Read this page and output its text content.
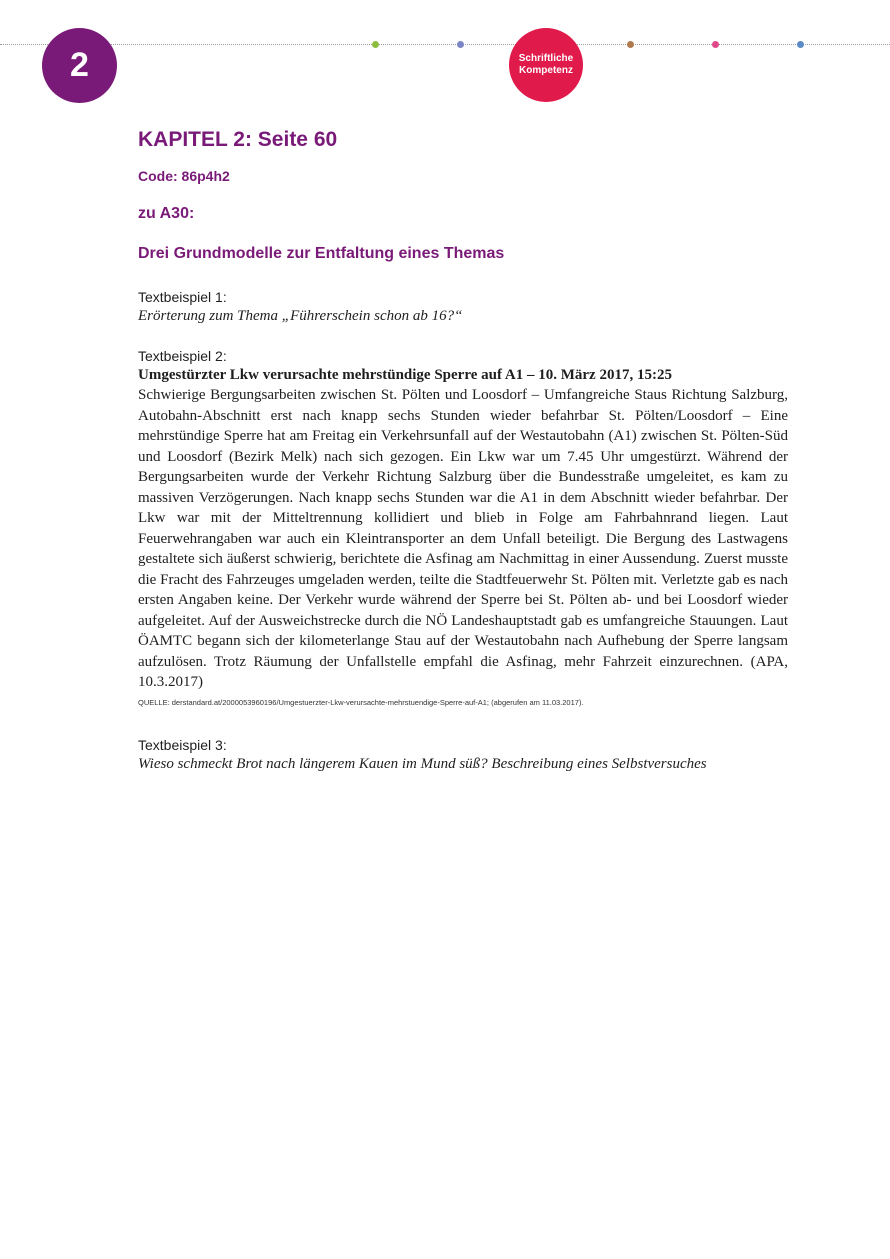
2	Schriftliche
Kompetenz
KAPITEL 2: Seite 60
Code: 86p4h2
zu A30:
Drei Grundmodelle zur Entfaltung eines Themas
Textbeispiel 1:
Erörterung zum Thema „Führerschein schon ab 16?“
Textbeispiel 2:
Umgestürzter Lkw verursachte mehrstündige Sperre auf A1 – 10. März 2017, 15:25
Schwierige Bergungsarbeiten zwischen St. Pölten und Loosdorf – Umfangreiche Staus Richtung Salzburg, Autobahn-Abschnitt erst nach knapp sechs Stunden wieder befahrbar St. Pölten/Loosdorf – Eine mehrstündige Sperre hat am Freitag ein Verkehrsunfall auf der Westautobahn (A1) zwischen St. Pölten-Süd und Loosdorf (Bezirk Melk) nach sich gezogen. Ein Lkw war um 7.45 Uhr umgestürzt. Während der Bergungsarbeiten wurde der Verkehr Richtung Salzburg über die Bundesstraße umgeleitet, es kam zu massiven Verzögerungen. Nach knapp sechs Stunden war die A1 in dem Abschnitt wieder befahrbar. Der Lkw war mit der Mitteltrennung kollidiert und blieb in Folge am Fahrbahnrand liegen. Laut Feuerwehrangaben war auch ein Kleintransporter an dem Unfall beteiligt. Die Bergung des Lastwagens gestaltete sich äußerst schwierig, berichtete die Asfinag am Nachmittag in einer Aussendung. Zuerst musste die Fracht des Fahrzeuges umgeladen werden, teilte die Stadtfeuerwehr St. Pölten mit. Verletzte gab es nach ersten Angaben keine. Der Verkehr wurde während der Sperre bei St. Pölten ab- und bei Loosdorf wieder aufgeleitet. Auf der Ausweichstrecke durch die NÖ Landeshauptstadt gab es umfangreiche Stauungen. Laut ÖAMTC begann sich der kilometerlange Stau auf der Westautobahn nach Aufhebung der Sperre langsam aufzulösen. Trotz Räumung der Unfallstelle empfahl die Asfinag, mehr Fahrzeit einzurechnen. (APA, 10.3.2017)
QUELLE: derstandard.at/2000053960196/Umgestuerzter-Lkw-verursachte-mehrstuendige-Sperre-auf-A1; (abgerufen am 11.03.2017).
Textbeispiel 3:
Wieso schmeckt Brot nach längerem Kauen im Mund süß? Beschreibung eines Selbstversuches
